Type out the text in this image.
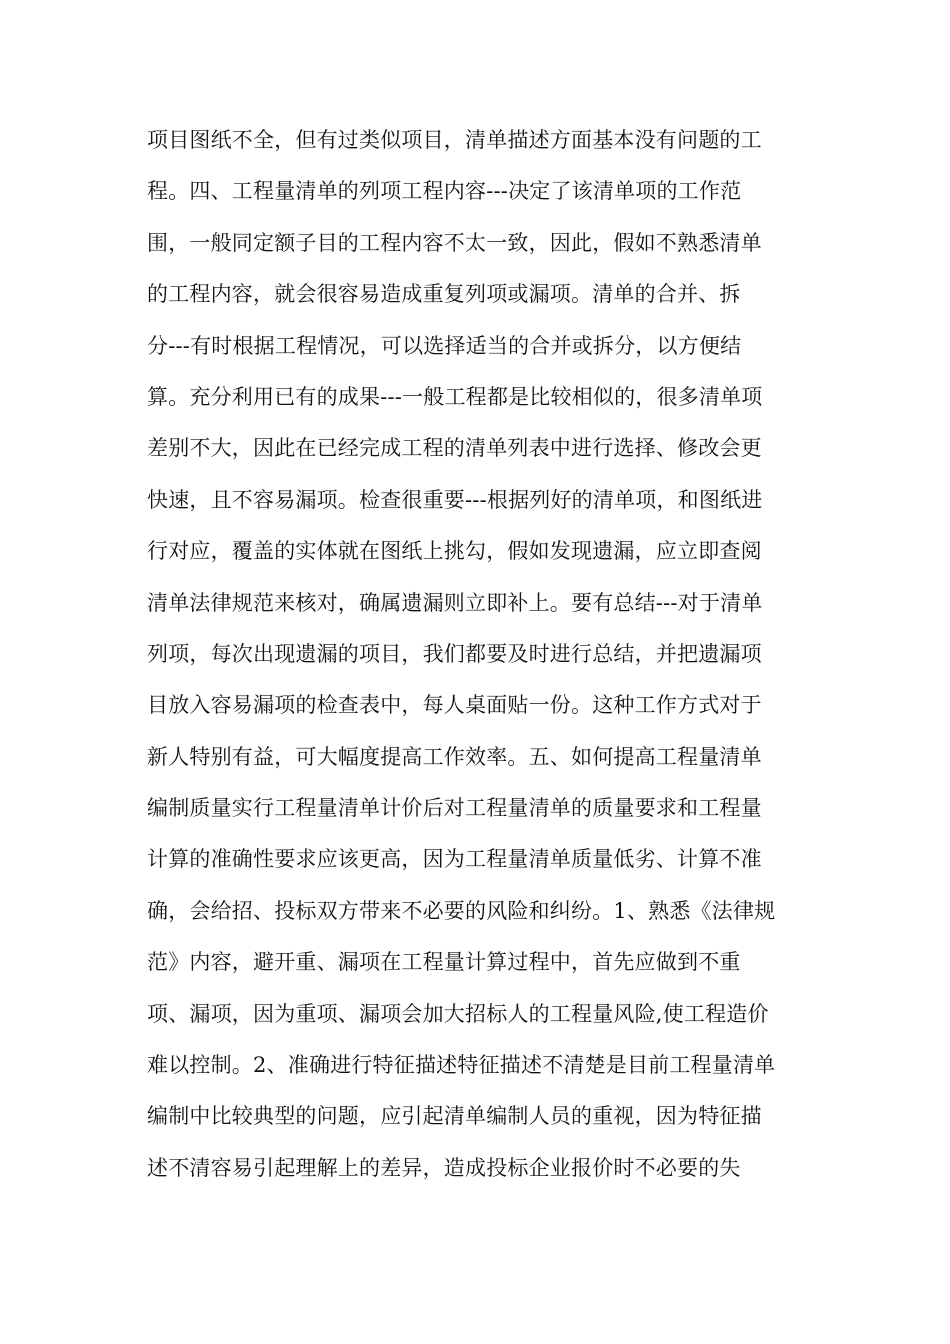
项目图纸不全，但有过类似项目，清单描述方面基本没有问题的工
程。四、工程量清单的列项工程内容---决定了该清单项的工作范
围，一般同定额子目的工程内容不太一致，因此，假如不熟悉清单
的工程内容，就会很容易造成重复列项或漏项。清单的合并、拆
分---有时根据工程情况，可以选择适当的合并或拆分，以方便结
算。充分利用已有的成果---一般工程都是比较相似的，很多清单项
差别不大，因此在已经完成工程的清单列表中进行选择、修改会更
快速，且不容易漏项。检查很重要---根据列好的清单项，和图纸进
行对应，覆盖的实体就在图纸上挑勾，假如发现遗漏，应立即查阅
清单法律规范来核对，确属遗漏则立即补上。要有总结---对于清单
列项，每次出现遗漏的项目，我们都要及时进行总结，并把遗漏项
目放入容易漏项的检查表中，每人桌面贴一份。这种工作方式对于
新人特别有益，可大幅度提高工作效率。五、如何提高工程量清单
编制质量实行工程量清单计价后对工程量清单的质量要求和工程量
计算的准确性要求应该更高，因为工程量清单质量低劣、计算不准
确，会给招、投标双方带来不必要的风险和纠纷。1、熟悉《法律规
范》内容，避开重、漏项在工程量计算过程中，首先应做到不重
项、漏项，因为重项、漏项会加大招标人的工程量风险,使工程造价
难以控制。2、准确进行特征描述特征描述不清楚是目前工程量清单
编制中比较典型的问题，应引起清单编制人员的重视，因为特征描
述不清容易引起理解上的差异，造成投标企业报价时不必要的失
